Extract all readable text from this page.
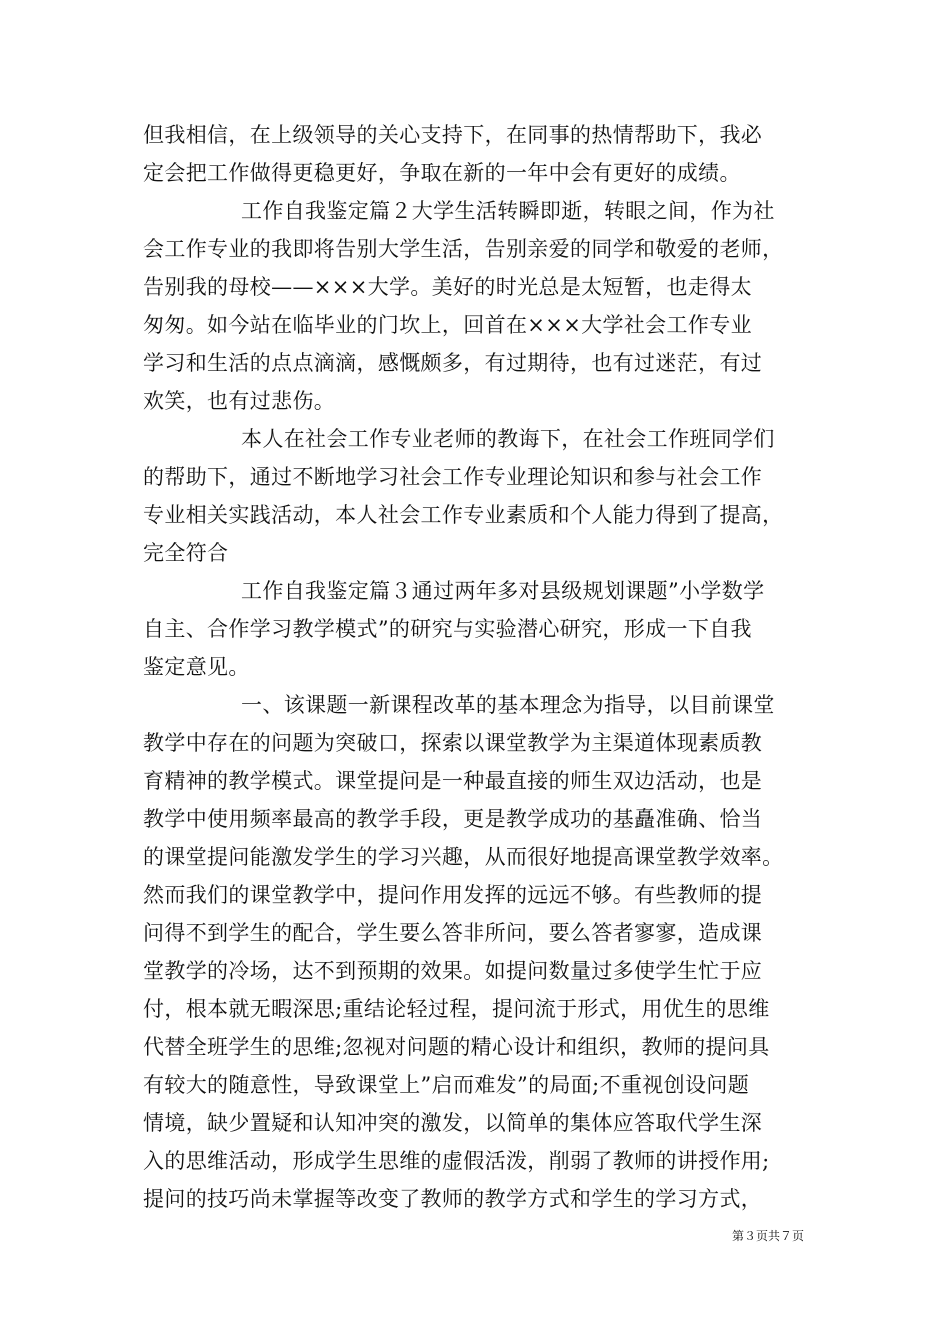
但我相信，在上级领导的关心支持下，在同事的热情帮助下，我必
定会把工作做得更稳更好，争取在新的一年中会有更好的成绩。
工作自我鉴定篇２大学生活转瞬即逝，转眼之间，作为社
会工作专业的我即将告别大学生活，告别亲爱的同学和敬爱的老师，
告别我的母校——×××大学。美好的时光总是太短暂，也走得太
匆匆。如今站在临毕业的门坎上，回首在×××大学社会工作专业
学习和生活的点点滴滴，感慨颇多，有过期待，也有过迷茫，有过
欢笑，也有过悲伤。
本人在社会工作专业老师的教诲下，在社会工作班同学们
的帮助下，通过不断地学习社会工作专业理论知识和参与社会工作
专业相关实践活动，本人社会工作专业素质和个人能力得到了提高，
完全符合
工作自我鉴定篇３通过两年多对县级规划课题”小学数学
自主、合作学习教学模式”的研究与实验潜心研究，形成一下自我
鉴定意见。
一、该课题一新课程改革的基本理念为指导，以目前课堂
教学中存在的问题为突破口，探索以课堂教学为主渠道体现素质教
育精神的教学模式。课堂提问是一种最直接的师生双边活动，也是
教学中使用频率最高的教学手段，更是教学成功的基矗准确、恰当
的课堂提问能激发学生的学习兴趣，从而很好地提高课堂教学效率。
然而我们的课堂教学中，提问作用发挥的远远不够。有些教师的提
问得不到学生的配合，学生要么答非所问，要么答者寥寥，造成课
堂教学的冷场，达不到预期的效果。如提问数量过多使学生忙于应
付，根本就无暇深思;重结论轻过程，提问流于形式，用优生的思维
代替全班学生的思维;忽视对问题的精心设计和组织，教师的提问具
有较大的随意性，导致课堂上”启而难发”的局面;不重视创设问题
情境，缺少置疑和认知冲突的激发，以简单的集体应答取代学生深
入的思维活动，形成学生思维的虚假活泼，削弱了教师的讲授作用;
提问的技巧尚未掌握等改变了教师的教学方式和学生的学习方式，
第３页共７页
